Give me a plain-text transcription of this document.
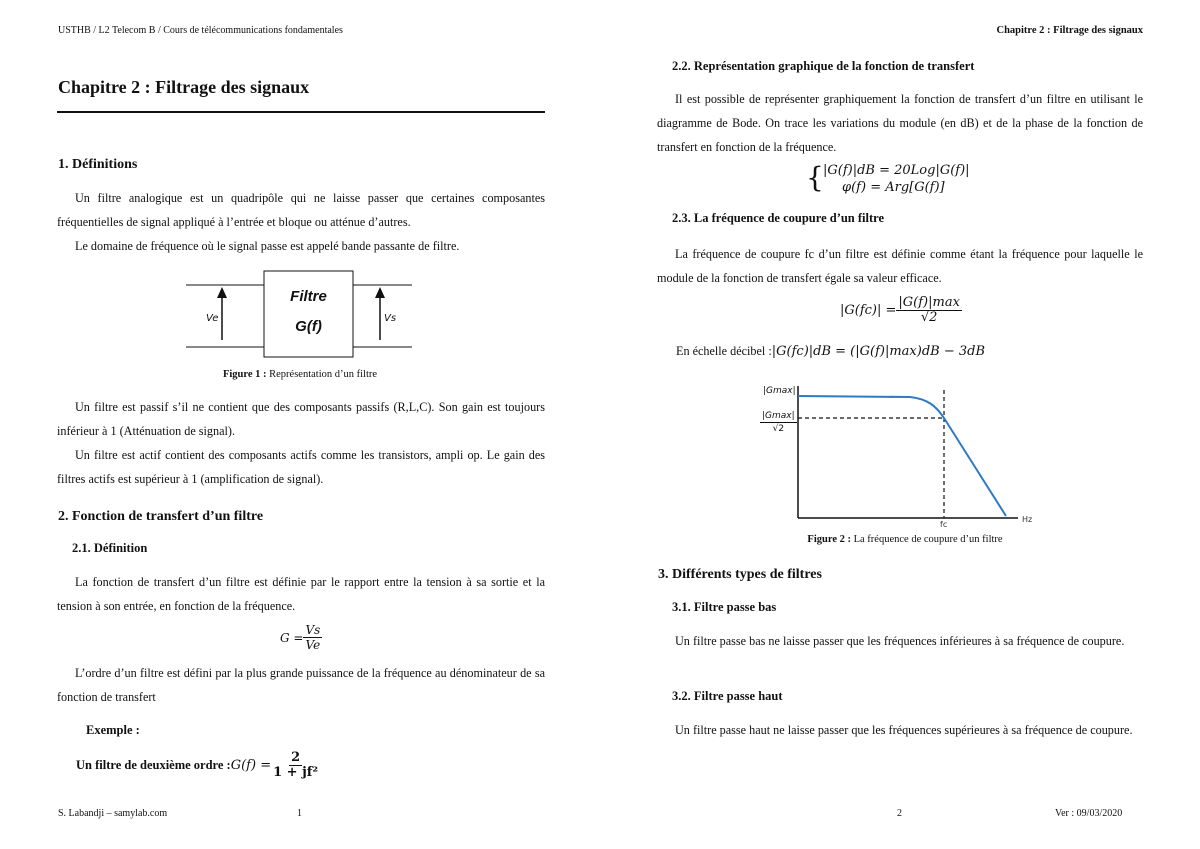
USTHB / L2 Telecom B / Cours de télécommunications fondamentales
Chapitre 2 : Filtrage des signaux
1. Définitions
Un filtre analogique est un quadripôle qui ne laisse passer que certaines composantes fréquentielles de signal appliqué à l’entrée et bloque ou atténue d’autres.
Le domaine de fréquence où le signal passe est appelé bande passante de filtre.
Filtre
G(f)
Ve	Vs
Figure 1 : Représentation d’un filtre
Un filtre est passif s’il ne contient que des composants passifs (R,L,C). Son gain est toujours inférieur à 1 (Atténuation de signal).
Un filtre est actif contient des composants actifs comme les transistors, ampli op. Le gain des filtres actifs est supérieur à 1 (amplification de signal).
2. Fonction de transfert d’un filtre
2.1. Définition
La fonction de transfert d’un filtre est définie par le rapport entre la tension à sa sortie et la tension à son entrée, en fonction de la fréquence.
$G = \frac{Vs}{Ve}$
L’ordre d’un filtre est défini par la plus grande puissance de la fréquence au dénominateur de sa fonction de transfert
Exemple :
Un filtre de deuxième ordre : $G(f) = \frac{2}{\text{1 + jf²}}$
S. Labandji – samylab.com	1
Chapitre 2 : Filtrage des signaux
2.2. Représentation graphique de la fonction de transfert
Il est possible de représenter graphiquement la fonction de transfert d’un filtre en utilisant le diagramme de Bode. On trace les variations du module (en dB) et de la phase de la fonction de transfert en fonction de la fréquence.
{ |G(f)|dB = 20Log|G(f)|
φ(f) = Arg[G(f)]
2.3. La fréquence de coupure d’un filtre
La fréquence de coupure fc d’un filtre est définie comme étant la fréquence pour laquelle le module de la fonction de transfert égale sa valeur efficace.
$|G(fc)| = \frac{|G(f)|\max}{√2}$
En échelle décibel : |G(fc)|dB = (|G(f)|max)dB − 3dB
|Gmax|
|Gmax|
√2
fc
Hz
Figure 2 : La fréquence de coupure d’un filtre
3. Différents types de filtres
3.1. Filtre passe bas
Un filtre passe bas ne laisse passer que les fréquences inférieures à sa fréquence de coupure.
3.2. Filtre passe haut
Un filtre passe haut ne laisse passer que les fréquences supérieures à sa fréquence de coupure.
2	Ver : 09/03/2020
